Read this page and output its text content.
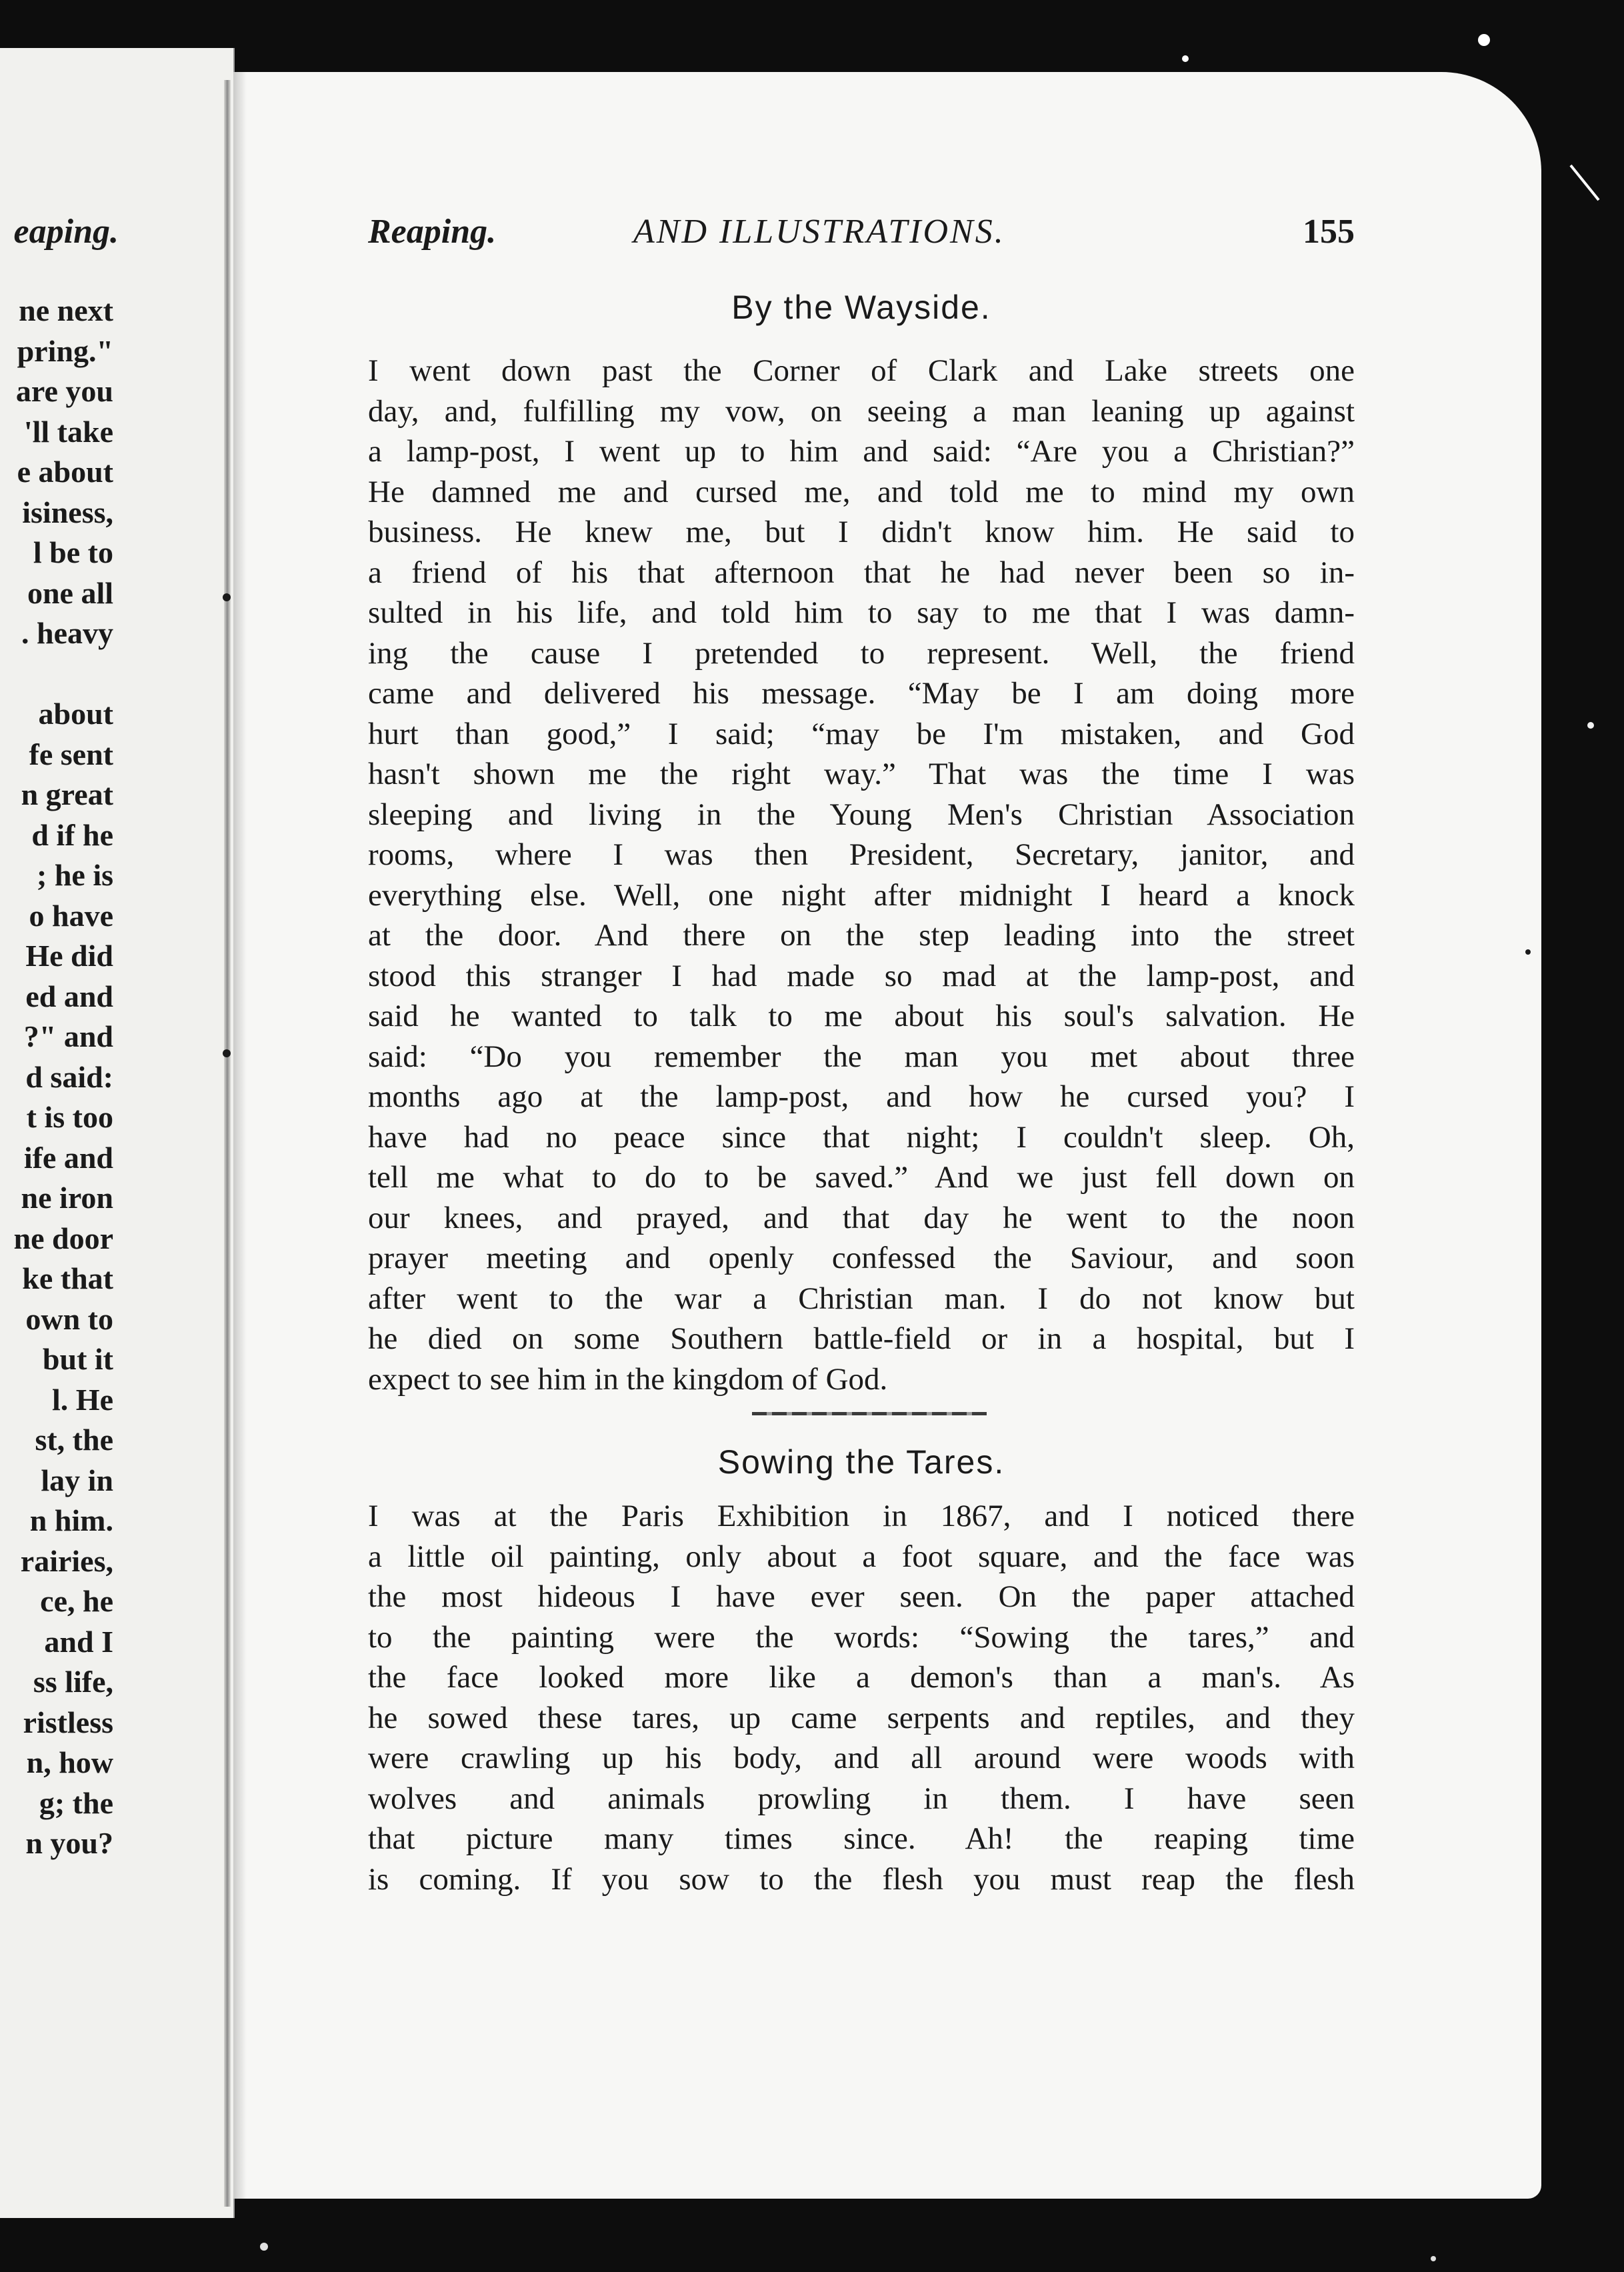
eaping.
ne next
pring."
are you
'll take
e about
isiness,
l be to
one all
. heavy
about
fe sent
n great
d if he
; he is
o have
He did
ed and
?" and
d said:
t is too
ife and
ne iron
ne door
ke that
own to
but it
l. He
st, the
lay in
n him.
rairies,
ce, he
and I
ss life,
ristless
n, how
g; the
n you?
Reaping.	AND ILLUSTRATIONS.	155
By the Wayside.
I went down past the Corner of Clark and Lake streets one
day, and, fulfilling my vow, on seeing a man leaning up against
a lamp-post, I went up to him and said: “Are you a Christian?”
He damned me and cursed me, and told me to mind my own
business. He knew me, but I didn't know him. He said to
a friend of his that afternoon that he had never been so in-
sulted in his life, and told him to say to me that I was damn-
ing the cause I pretended to represent. Well, the friend
came and delivered his message. “May be I am doing more
hurt than good,” I said; “may be I'm mistaken, and God
hasn't shown me the right way.” That was the time I was
sleeping and living in the Young Men's Christian Association
rooms, where I was then President, Secretary, janitor, and
everything else. Well, one night after midnight I heard a knock
at the door. And there on the step leading into the street
stood this stranger I had made so mad at the lamp-post, and
said he wanted to talk to me about his soul's salvation. He
said: “Do you remember the man you met about three
months ago at the lamp-post, and how he cursed you? I
have had no peace since that night; I couldn't sleep. Oh,
tell me what to do to be saved.” And we just fell down on
our knees, and prayed, and that day he went to the noon
prayer meeting and openly confessed the Saviour, and soon
after went to the war a Christian man. I do not know but
he died on some Southern battle-field or in a hospital, but I
expect to see him in the kingdom of God.
Sowing the Tares.
I was at the Paris Exhibition in 1867, and I noticed there
a little oil painting, only about a foot square, and the face was
the most hideous I have ever seen. On the paper attached
to the painting were the words: “Sowing the tares,” and
the face looked more like a demon's than a man's. As
he sowed these tares, up came serpents and reptiles, and they
were crawling up his body, and all around were woods with
wolves and animals prowling in them. I have seen
that picture many times since. Ah! the reaping time
is coming. If you sow to the flesh you must reap the flesh
